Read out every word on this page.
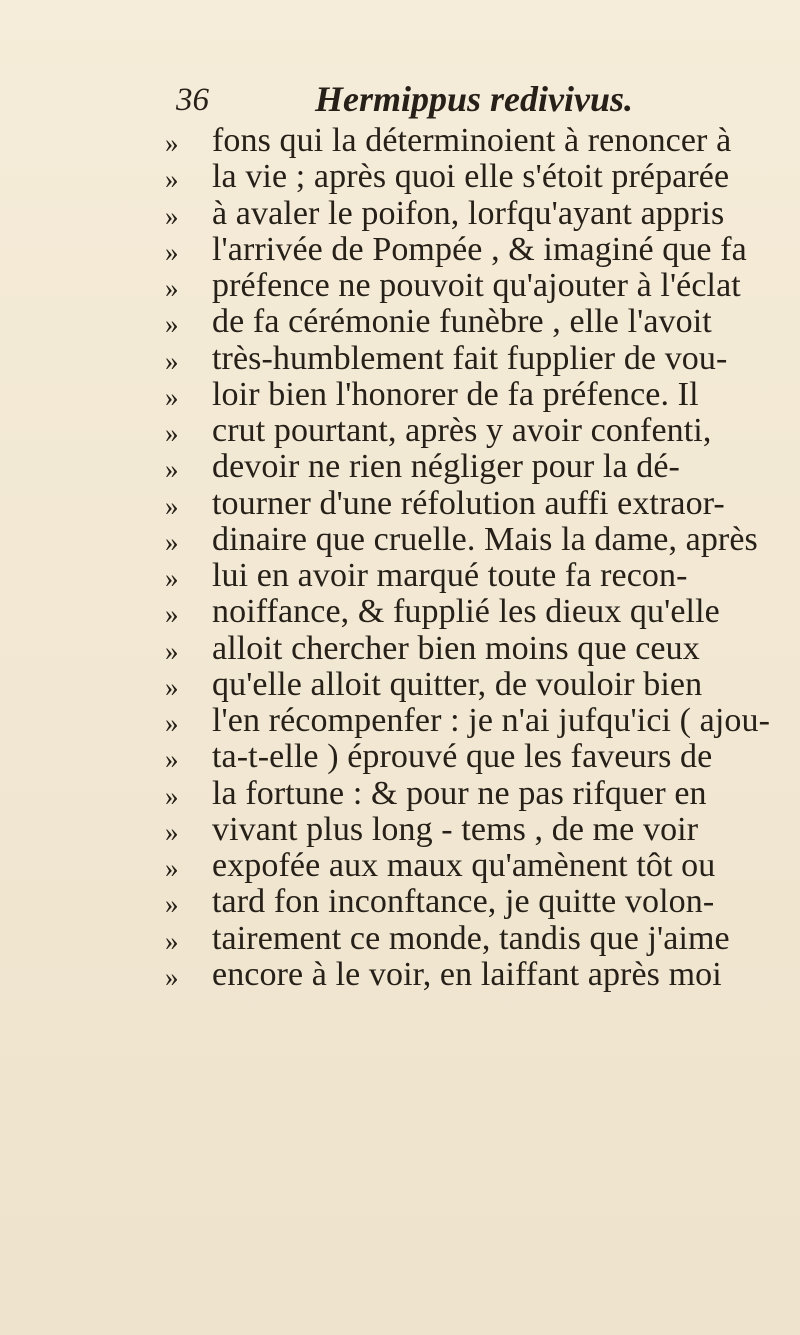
36	Hermippus redivivus.
» fons qui la déterminoient à renoncer à
» la vie ; après quoi elle s'étoit préparée
» à avaler le poifon, lorfqu'ayant appris
» l'arrivée de Pompée , & imaginé que fa
» préfence ne pouvoit qu'ajouter à l'éclat
» de fa cérémonie funèbre , elle l'avoit
» très-humblement fait fupplier de vou-
» loir bien l'honorer de fa préfence. Il
» crut pourtant, après y avoir confenti,
» devoir ne rien négliger pour la dé-
» tourner d'une réfolution auffi extraor-
» dinaire que cruelle. Mais la dame, après
» lui en avoir marqué toute fa recon-
» noiffance, & fupplié les dieux qu'elle
» alloit chercher bien moins que ceux
» qu'elle alloit quitter, de vouloir bien
» l'en récompenfer : je n'ai jufqu'ici ( ajou-
» ta-t-elle ) éprouvé que les faveurs de
» la fortune : & pour ne pas rifquer en
» vivant plus long - tems , de me voir
» expofée aux maux qu'amènent tôt ou
» tard fon inconftance, je quitte volon-
» tairement ce monde, tandis que j'aime
» encore à le voir, en laiffant après moi
